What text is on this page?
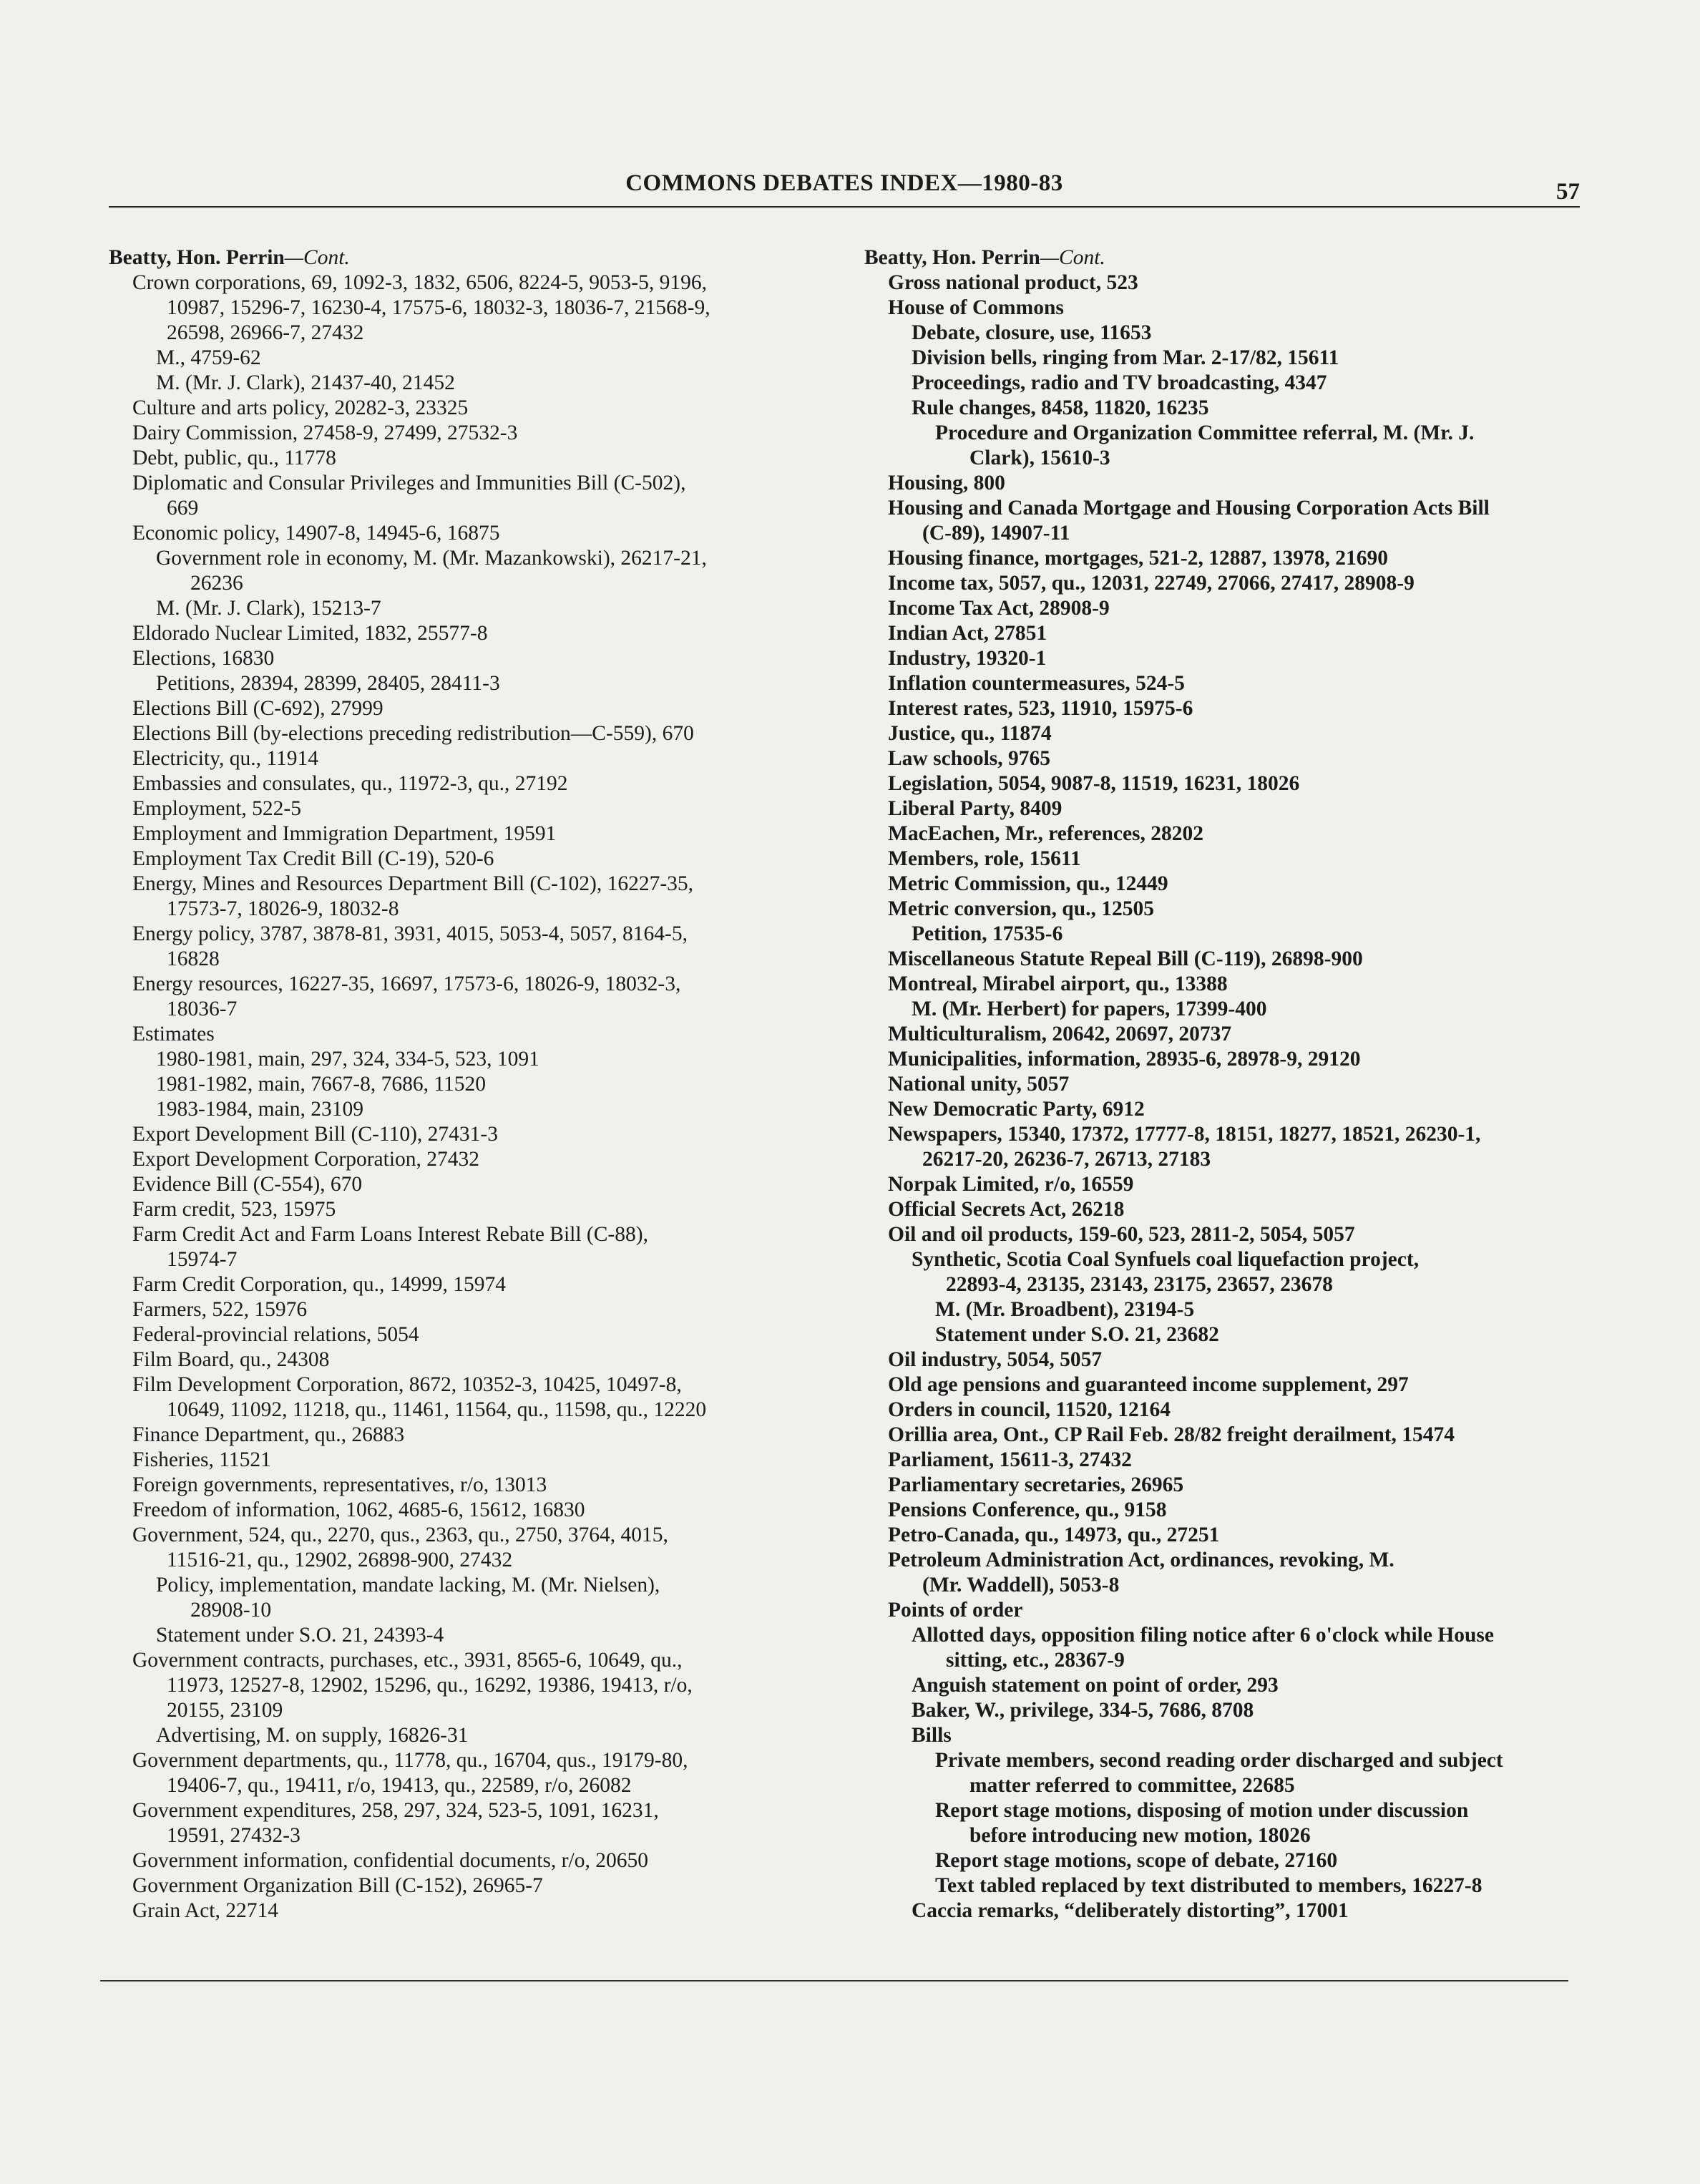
COMMONS DEBATES INDEX—1980-83	57
Beatty, Hon. Perrin—Cont.
Crown corporations, 69, 1092-3, 1832, 6506, 8224-5, 9053-5, 9196,
10987, 15296-7, 16230-4, 17575-6, 18032-3, 18036-7, 21568-9,
26598, 26966-7, 27432
M., 4759-62
M. (Mr. J. Clark), 21437-40, 21452
Culture and arts policy, 20282-3, 23325
Dairy Commission, 27458-9, 27499, 27532-3
Debt, public, qu., 11778
Diplomatic and Consular Privileges and Immunities Bill (C-502),
669
Economic policy, 14907-8, 14945-6, 16875
Government role in economy, M. (Mr. Mazankowski), 26217-21,
26236
M. (Mr. J. Clark), 15213-7
Eldorado Nuclear Limited, 1832, 25577-8
Elections, 16830
Petitions, 28394, 28399, 28405, 28411-3
Elections Bill (C-692), 27999
Elections Bill (by-elections preceding redistribution—C-559), 670
Electricity, qu., 11914
Embassies and consulates, qu., 11972-3, qu., 27192
Employment, 522-5
Employment and Immigration Department, 19591
Employment Tax Credit Bill (C-19), 520-6
Energy, Mines and Resources Department Bill (C-102), 16227-35,
17573-7, 18026-9, 18032-8
Energy policy, 3787, 3878-81, 3931, 4015, 5053-4, 5057, 8164-5,
16828
Energy resources, 16227-35, 16697, 17573-6, 18026-9, 18032-3,
18036-7
Estimates
1980-1981, main, 297, 324, 334-5, 523, 1091
1981-1982, main, 7667-8, 7686, 11520
1983-1984, main, 23109
Export Development Bill (C-110), 27431-3
Export Development Corporation, 27432
Evidence Bill (C-554), 670
Farm credit, 523, 15975
Farm Credit Act and Farm Loans Interest Rebate Bill (C-88),
15974-7
Farm Credit Corporation, qu., 14999, 15974
Farmers, 522, 15976
Federal-provincial relations, 5054
Film Board, qu., 24308
Film Development Corporation, 8672, 10352-3, 10425, 10497-8,
10649, 11092, 11218, qu., 11461, 11564, qu., 11598, qu., 12220
Finance Department, qu., 26883
Fisheries, 11521
Foreign governments, representatives, r/o, 13013
Freedom of information, 1062, 4685-6, 15612, 16830
Government, 524, qu., 2270, qus., 2363, qu., 2750, 3764, 4015,
11516-21, qu., 12902, 26898-900, 27432
Policy, implementation, mandate lacking, M. (Mr. Nielsen),
28908-10
Statement under S.O. 21, 24393-4
Government contracts, purchases, etc., 3931, 8565-6, 10649, qu.,
11973, 12527-8, 12902, 15296, qu., 16292, 19386, 19413, r/o,
20155, 23109
Advertising, M. on supply, 16826-31
Government departments, qu., 11778, qu., 16704, qus., 19179-80,
19406-7, qu., 19411, r/o, 19413, qu., 22589, r/o, 26082
Government expenditures, 258, 297, 324, 523-5, 1091, 16231,
19591, 27432-3
Government information, confidential documents, r/o, 20650
Government Organization Bill (C-152), 26965-7
Grain Act, 22714
Beatty, Hon. Perrin—Cont.
Gross national product, 523
House of Commons
Debate, closure, use, 11653
Division bells, ringing from Mar. 2-17/82, 15611
Proceedings, radio and TV broadcasting, 4347
Rule changes, 8458, 11820, 16235
Procedure and Organization Committee referral, M. (Mr. J.
Clark), 15610-3
Housing, 800
Housing and Canada Mortgage and Housing Corporation Acts Bill
(C-89), 14907-11
Housing finance, mortgages, 521-2, 12887, 13978, 21690
Income tax, 5057, qu., 12031, 22749, 27066, 27417, 28908-9
Income Tax Act, 28908-9
Indian Act, 27851
Industry, 19320-1
Inflation countermeasures, 524-5
Interest rates, 523, 11910, 15975-6
Justice, qu., 11874
Law schools, 9765
Legislation, 5054, 9087-8, 11519, 16231, 18026
Liberal Party, 8409
MacEachen, Mr., references, 28202
Members, role, 15611
Metric Commission, qu., 12449
Metric conversion, qu., 12505
Petition, 17535-6
Miscellaneous Statute Repeal Bill (C-119), 26898-900
Montreal, Mirabel airport, qu., 13388
M. (Mr. Herbert) for papers, 17399-400
Multiculturalism, 20642, 20697, 20737
Municipalities, information, 28935-6, 28978-9, 29120
National unity, 5057
New Democratic Party, 6912
Newspapers, 15340, 17372, 17777-8, 18151, 18277, 18521, 26230-1,
26217-20, 26236-7, 26713, 27183
Norpak Limited, r/o, 16559
Official Secrets Act, 26218
Oil and oil products, 159-60, 523, 2811-2, 5054, 5057
Synthetic, Scotia Coal Synfuels coal liquefaction project,
22893-4, 23135, 23143, 23175, 23657, 23678
M. (Mr. Broadbent), 23194-5
Statement under S.O. 21, 23682
Oil industry, 5054, 5057
Old age pensions and guaranteed income supplement, 297
Orders in council, 11520, 12164
Orillia area, Ont., CP Rail Feb. 28/82 freight derailment, 15474
Parliament, 15611-3, 27432
Parliamentary secretaries, 26965
Pensions Conference, qu., 9158
Petro-Canada, qu., 14973, qu., 27251
Petroleum Administration Act, ordinances, revoking, M.
(Mr. Waddell), 5053-8
Points of order
Allotted days, opposition filing notice after 6 o'clock while House
sitting, etc., 28367-9
Anguish statement on point of order, 293
Baker, W., privilege, 334-5, 7686, 8708
Bills
Private members, second reading order discharged and subject
matter referred to committee, 22685
Report stage motions, disposing of motion under discussion
before introducing new motion, 18026
Report stage motions, scope of debate, 27160
Text tabled replaced by text distributed to members, 16227-8
Caccia remarks, “deliberately distorting”, 17001
